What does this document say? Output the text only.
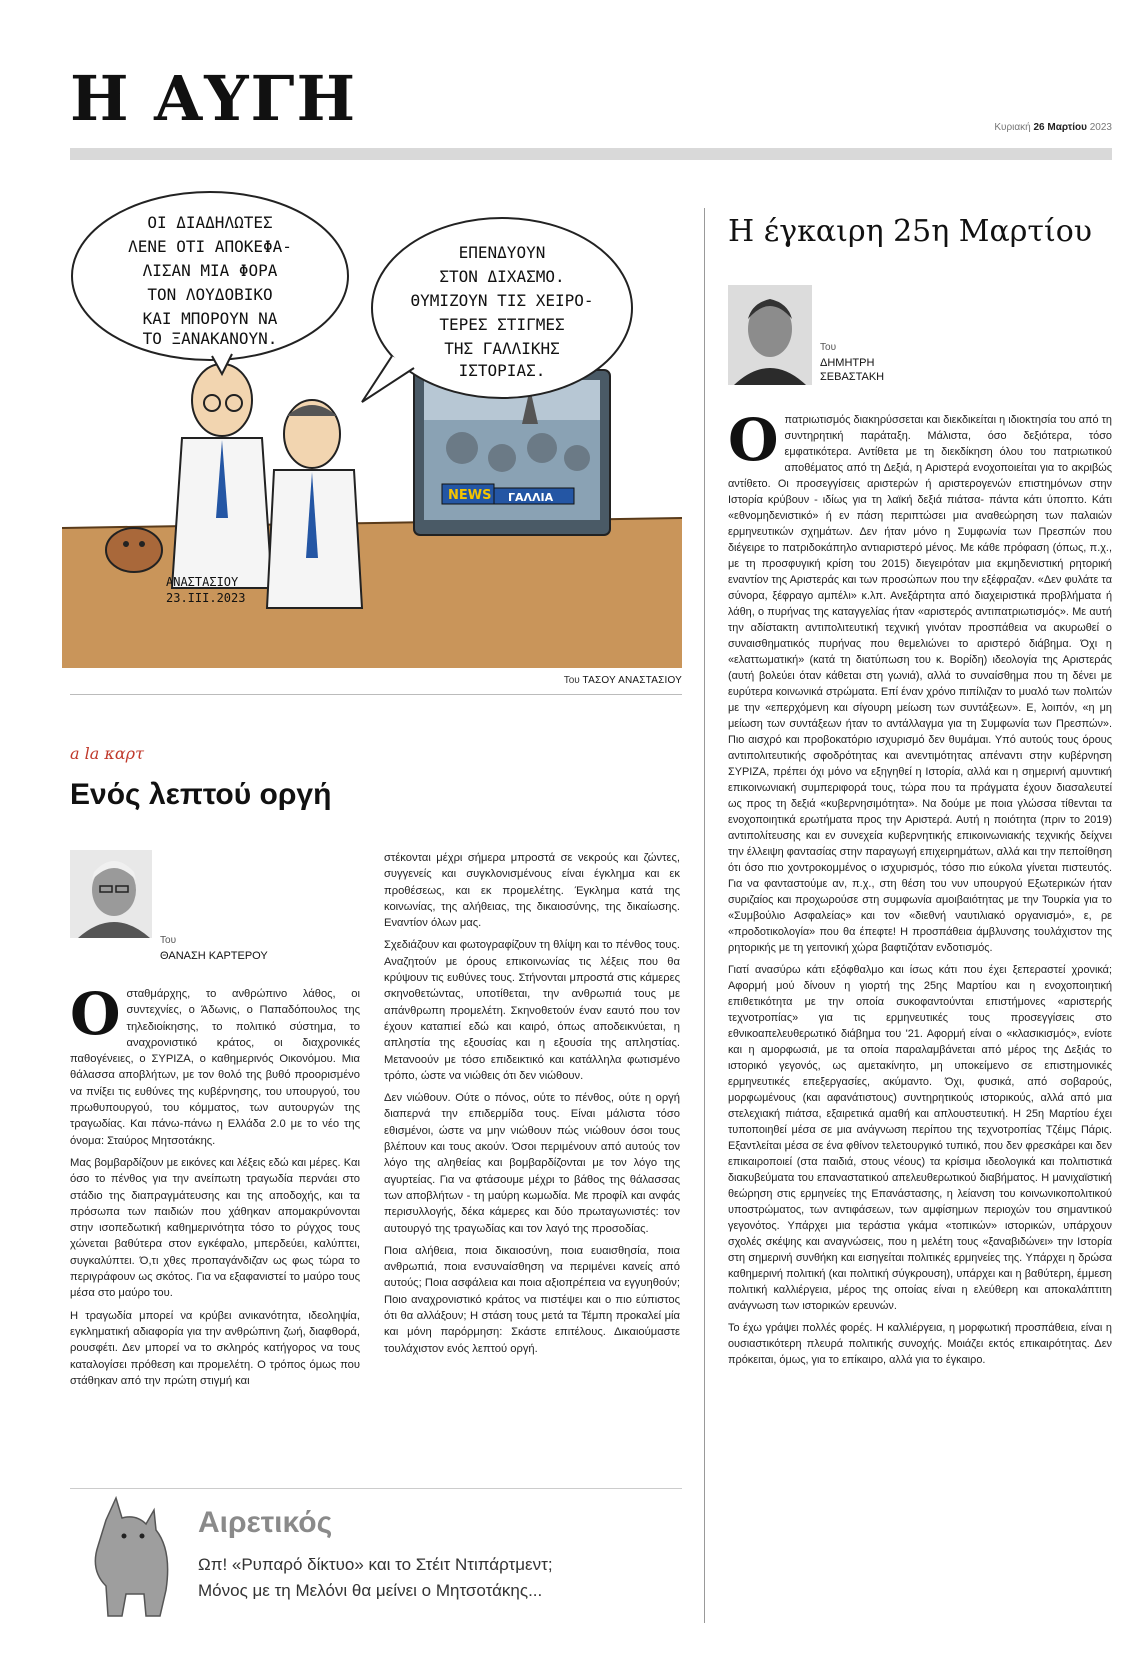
Η ΑΥΓΗ	Κυριακή 26 Μαρτίου 2023
NEWS ΓΑΛΛΙΑ
ΟΙ ΔΙΑΔΗΛΩΤΕΣ
ΛΕΝΕ ΟΤΙ ΑΠΟΚΕΦΑ-
ΛΙΣΑΝ ΜΙΑ ΦΟΡΑ
ΤΟΝ ΛΟΥΔΟΒΙΚΟ
ΚΑΙ ΜΠΟΡΟΥΝ ΝΑ
ΤΟ ΞΑΝΑΚΑΝΟΥΝ.
ΕΠΕΝΔΥΟΥΝ
ΣΤΟΝ ΔΙΧΑΣΜΟ.
ΘΥΜΙΖΟΥΝ ΤΙΣ ΧΕΙΡΟ-
ΤΕΡΕΣ ΣΤΙΓΜΕΣ
ΤΗΣ ΓΑΛΛΙΚΗΣ
ΙΣΤΟΡΙΑΣ.
ΑΝΑΣΤΑΣΙΟΥ
23.III.2023
Του ΤΑΣΟΥ ΑΝΑΣΤΑΣΙΟΥ
a la καρτ
Ενός λεπτού οργή
Του
ΘΑΝΑΣΗ ΚΑΡΤΕΡΟΥ

Οσταθμάρχης, το ανθρώπινο λάθος, οι συντεχνίες, ο Άδωνις, ο Παπαδόπουλος της τηλεδιοίκησης, το πολιτικό σύστημα, το αναχρονιστικό κράτος, οι διαχρονικές παθογένειες, ο ΣΥΡΙΖΑ, ο καθημερινός Οικονόμου. Μια θάλασσα αποβλήτων, με τον θολό της βυθό προορισμένο να πνίξει τις ευθύνες της κυβέρνησης, του υπουργού, του πρωθυπουργού, του κόμματος, των αυτουργών της τραγωδίας. Και πάνω-πάνω η Ελλάδα 2.0 με το νέο της όνομα: Σταύρος Μητσοτάκης.

Μας βομβαρδίζουν με εικόνες και λέξεις εδώ και μέρες. Και όσο το πένθος για την ανείπωτη τραγωδία περνάει στο στάδιο της διαπραγμάτευσης και της αποδοχής, και τα πρόσωπα των παιδιών που χάθηκαν απομακρύνονται στην ισοπεδωτική καθημερινότητα τόσο το ρύγχος τους χώνεται βαθύτερα στον εγκέφαλο, μπερδεύει, καλύπτει, συγκαλύπτει. Ό,τι χθες προπαγάνδιζαν ως φως τώρα το περιγράφουν ως σκότος. Για να εξαφανιστεί το μαύρο τους μέσα στο μαύρο του.

Η τραγωδία μπορεί να κρύβει ανικανότητα, ιδεοληψία, εγκληματική αδιαφορία για την ανθρώπινη ζωή, διαφθορά, ρουσφέτι. Δεν μπορεί να το σκληρός κατήγορος να τους καταλογίσει πρόθεση και προμελέτη. Ο τρόπος όμως που στάθηκαν από την πρώτη στιγμή και

στέκονται μέχρι σήμερα μπροστά σε νεκρούς και ζώντες, συγγενείς και συγκλονισμένους είναι έγκλημα και εκ προθέσεως, και εκ προμελέτης. Έγκλημα κατά της κοινωνίας, της αλήθειας, της δικαιοσύνης, της δικαίωσης. Εναντίον όλων μας.

Σχεδιάζουν και φωτογραφίζουν τη θλίψη και το πένθος τους. Αναζητούν με όρους επικοινωνίας τις λέξεις που θα κρύψουν τις ευθύνες τους. Στήνονται μπροστά στις κάμερες σκηνοθετώντας, υποτίθεται, την ανθρωπιά τους με απάνθρωπη προμελέτη. Σκηνοθετούν έναν εαυτό που τον έχουν καταπιεί εδώ και καιρό, όπως αποδεικνύεται, η απληστία της εξουσίας και η εξουσία της απληστίας. Μετανοούν με τόσο επιδεικτικό και κατάλληλα φωτισμένο τρόπο, ώστε να νιώθεις ότι δεν νιώθουν.

Δεν νιώθουν. Ούτε ο πόνος, ούτε το πένθος, ούτε η οργή διαπερνά την επιδερμίδα τους. Είναι μάλιστα τόσο εθισμένοι, ώστε να μην νιώθουν πώς νιώθουν όσοι τους βλέπουν και τους ακούν. Όσοι περιμένουν από αυτούς τον λόγο της αληθείας και βομβαρδίζονται με τον λόγο της αγυρτείας. Για να φτάσουμε μέχρι το βάθος της θάλασσας των αποβλήτων - τη μαύρη κωμωδία. Με προφίλ και ανφάς περισυλλογής, δέκα κάμερες και δύο πρωταγωνιστές: τον αυτουργό της τραγωδίας και τον λαγό της προσοδίας.

Ποια αλήθεια, ποια δικαιοσύνη, ποια ευαισθησία, ποια ανθρωπιά, ποια ενσυναίσθηση να περιμένει κανείς από αυτούς; Ποια ασφάλεια και ποια αξιοπρέπεια να εγγυηθούν; Ποιο αναχρονιστικό κράτος να πιστέψει και ο πιο εύπιστος ότι θα αλλάξουν; Η στάση τους μετά τα Τέμπη προκαλεί μία και μόνη παρόρμηση: Σκάστε επιτέλους. Δικαιούμαστε τουλάχιστον ενός λεπτού οργή.

Η έγκαιρη 25η Μαρτίου
Του
ΔΗΜΗΤΡΗ
ΣΕΒΑΣΤΑΚΗ

Οπατριωτισμός διακηρύσσεται και διεκδικείται η ιδιοκτησία του από τη συντηρητική παράταξη. Μάλιστα, όσο δεξιότερα, τόσο εμφατικότερα. Αντίθετα με τη διεκδίκηση όλου του πατριωτικού αποθέματος από τη Δεξιά, η Αριστερά ενοχοποιείται για το ακριβώς αντίθετο. Οι προσεγγίσεις αριστερών ή αριστερογενών επιστημόνων στην Ιστορία κρύβουν - ιδίως για τη λαϊκή δεξιά πιάτσα- πάντα κάτι ύποπτο. Κάτι «εθνομηδενιστικό» ή εν πάση περιπτώσει μια αναθεώρηση των παλαιών ερμηνευτικών σχημάτων. Δεν ήταν μόνο η Συμφωνία των Πρεσπών που διέγειρε το πατριδοκάπηλο αντιαριστερό μένος. Με κάθε πρόφαση (όπως, π.χ., με τη προσφυγική κρίση του 2015) διεγειρόταν μια εκμηδενιστική ρητορική εναντίον της Αριστεράς και των προσώπων που την εξέφραζαν. «Δεν φυλάτε τα σύνορα, ξέφραγο αμπέλι» κ.λπ. Ανεξάρτητα από διαχειριστικά προβλήματα ή λάθη, ο πυρήνας της καταγγελίας ήταν «αριστερός αντιπατριωτισμός». Με αυτή την αδίστακτη αντιπολιτευτική τεχνική γινόταν προσπάθεια να ακυρωθεί ο συναισθηματικός πυρήνας που θεμελιώνει το αριστερό διάβημα. Όχι η «ελαττωματική» (κατά τη διατύπωση του κ. Βορίδη) ιδεολογία της Αριστεράς (αυτή βολεύει όταν κάθεται στη γωνιά), αλλά το συναίσθημα που τη δένει με ευρύτερα κοινωνικά στρώματα. Επί έναν χρόνο πιπίλιζαν το μυαλό των πολιτών με την «επερχόμενη και σίγουρη μείωση των συντάξεων». Ε, λοιπόν, «η μη μείωση των συντάξεων ήταν το αντάλλαγμα για τη Συμφωνία των Πρεσπών». Πιο αισχρό και προβοκατόριο ισχυρισμό δεν θυμάμαι. Υπό αυτούς τους όρους αντιπολιτευτικής σφοδρότητας και ανεντιμότητας απέναντι στην κυβέρνηση ΣΥΡΙΖΑ, πρέπει όχι μόνο να εξηγηθεί η Ιστορία, αλλά και η σημερινή αμυντική επικοινωνιακή συμπεριφορά τους, τώρα που τα πράγματα έχουν διασαλευτεί ως προς τη δεξιά «κυβερνησιμότητα». Να δούμε με ποια γλώσσα τίθενται τα ενοχοποιητικά ερωτήματα προς την Αριστερά. Αυτή η ποιότητα (πριν το 2019) αντιπολίτευσης και εν συνεχεία κυβερνητικής επικοινωνιακής τεχνικής δείχνει την έλλειψη φαντασίας στην παραγωγή επιχειρημάτων, αλλά και την πεποίθηση ότι όσο πιο χοντροκομμένος ο ισχυρισμός, τόσο πιο εύκολα γίνεται πιστευτός. Για να φανταστούμε αν, π.χ., στη θέση του νυν υπουργού Εξωτερικών ήταν συριζαίος και προχωρούσε στη συμφωνία αμοιβαιότητας με την Τουρκία για το «Συμβούλιο Ασφαλείας» και τον «διεθνή ναυτιλιακό οργανισμό», ε, ρε «προδοτικολογία» που θα έπεφτε! Η προσπάθεια άμβλυνσης τουλάχιστον της ρητορικής με τη γειτονική χώρα βαφτιζόταν ενδοτισμός.

Γιατί ανασύρω κάτι εξόφθαλμο και ίσως κάτι που έχει ξεπεραστεί χρονικά; Αφορμή μού δίνουν η γιορτή της 25ης Μαρτίου και η ενοχοποιητική επιθετικότητα με την οποία συκοφαντούνται επιστήμονες «αριστερής τεχνοτροπίας» για τις ερμηνευτικές τους προσεγγίσεις στο εθνικοαπελευθερωτικό διάβημα του '21. Αφορμή είναι ο «κλασικισμός», ενίοτε και η αμορφωσιά, με τα οποία παραλαμβάνεται από μέρος της Δεξιάς το ιστορικό γεγονός, ως αμετακίνητο, μη υποκείμενο σε επιστημονικές ερμηνευτικές επεξεργασίες, ακύμαντο. Όχι, φυσικά, από σοβαρούς, μορφωμένους (και αφανάτιστους) συντηρητικούς ιστορικούς, αλλά από μια στελεχιακή πιάτσα, εξαιρετικά αμαθή και απλουστευτική. Η 25η Μαρτίου έχει τυποποιηθεί μέσα σε μια ανάγνωση περίπου της τεχνοτροπίας Τζέιμς Πάρις. Εξαντλείται μέσα σε ένα φθίνον τελετουργικό τυπικό, που δεν φρεσκάρει και δεν επικαιροποιεί (στα παιδιά, στους νέους) τα κρίσιμα ιδεολογικά και πολιτιστικά διακυβεύματα του επαναστατικού απελευθερωτικού διαβήματος. Η μανιχαϊστική θεώρηση στις ερμηνείες της Επανάστασης, η λείανση του κοινωνικοπολιτικού υποστρώματος, των αντιφάσεων, των αμφίσημων περιοχών του σημαντικού γεγονότος. Υπάρχει μια τεράστια γκάμα «τοπικών» ιστορικών, υπάρχουν σχολές σκέψης και αναγνώσεις, που η μελέτη τους «ξαναβιδώνει» την Ιστορία στη σημερινή συνθήκη και εισηγείται πολιτικές ερμηνείες της. Υπάρχει η δρώσα καθημερινή πολιτική (και πολιτική σύγκρουση), υπάρχει και η βαθύτερη, έμμεση πολιτική καλλιέργεια, μέρος της οποίας είναι η ελεύθερη και αποκαλάπτιτη ανάγνωση των ιστορικών ερευνών.

Το έχω γράψει πολλές φορές. Η καλλιέργεια, η μορφωτική προσπάθεια, είναι η ουσιαστικότερη πλευρά πολιτικής συνοχής. Μοιάζει εκτός επικαιρότητας. Δεν πρόκειται, όμως, για το επίκαιρο, αλλά για το έγκαιρο.

Αιρετικός
Ωπ! «Ρυπαρό δίκτυο» και το Στέιτ Ντιπάρτμεντ;
Μόνος με τη Μελόνι θα μείνει ο Μητσοτάκης...
